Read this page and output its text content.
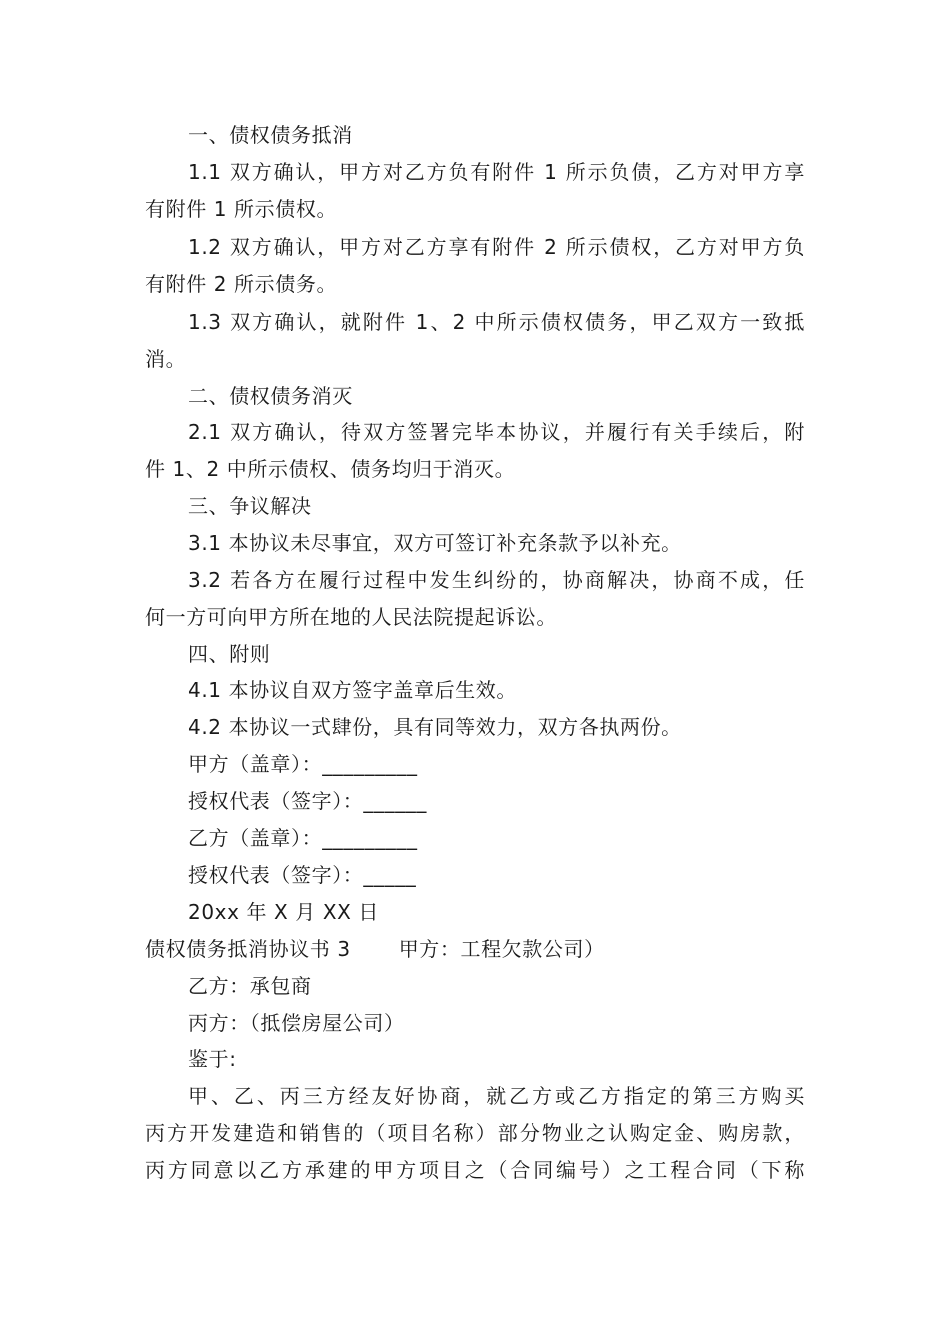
一、债权债务抵消
1.1 双方确认，甲方对乙方负有附件 1 所示负债，乙方对甲方享
有附件 1 所示债权。
1.2 双方确认，甲方对乙方享有附件 2 所示债权，乙方对甲方负
有附件 2 所示债务。
1.3 双方确认，就附件 1、2 中所示债权债务，甲乙双方一致抵
消。
二、债权债务消灭
2.1 双方确认，待双方签署完毕本协议，并履行有关手续后，附
件 1、2 中所示债权、债务均归于消灭。
三、争议解决
3.1 本协议未尽事宜，双方可签订补充条款予以补充。
3.2 若各方在履行过程中发生纠纷的，协商解决，协商不成，任
何一方可向甲方所在地的人民法院提起诉讼。
四、附则
4.1 本协议自双方签字盖章后生效。
4.2 本协议一式肆份，具有同等效力，双方各执两份。
甲方（盖章）：_________
授权代表（签字）：______
乙方（盖章）：_________
授权代表（签字）：_____
20xx 年 X 月 XX 日
债权债务抵消协议书 3 甲方：工程欠款公司）
乙方：承包商
丙方：（抵偿房屋公司）
鉴于:
甲、乙、丙三方经友好协商，就乙方或乙方指定的第三方购买
丙方开发建造和销售的（项目名称）部分物业之认购定金、购房款，
丙方同意以乙方承建的甲方项目之（合同编号）之工程合同（下称
